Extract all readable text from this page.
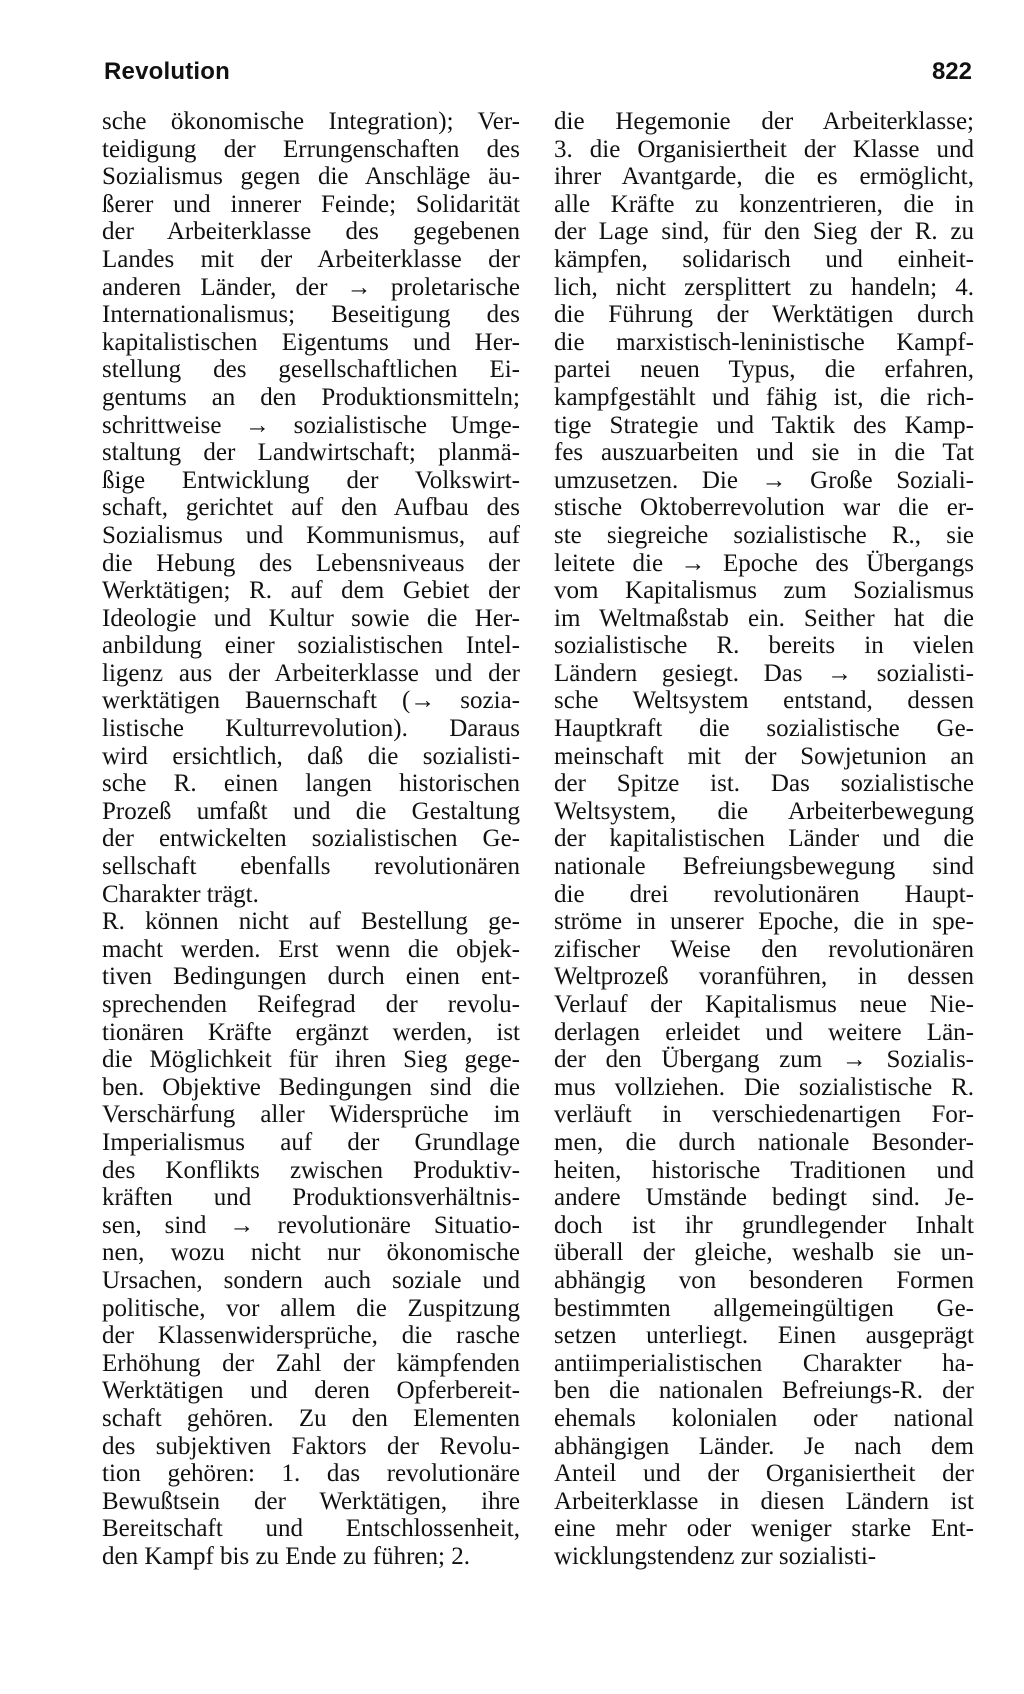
Revolution	822
sche ökonomische Integration); Ver-
teidigung der Errungenschaften des
Sozialismus gegen die Anschläge äu-
ßerer und innerer Feinde; Solidarität
der Arbeiterklasse des gegebenen
Landes mit der Arbeiterklasse der
anderen Länder, der → proletarische
Internationalismus; Beseitigung des
kapitalistischen Eigentums und Her-
stellung des gesellschaftlichen Ei-
gentums an den Produktionsmitteln;
schrittweise → sozialistische Umge-
staltung der Landwirtschaft; planmä-
ßige Entwicklung der Volkswirt-
schaft, gerichtet auf den Aufbau des
Sozialismus und Kommunismus, auf
die Hebung des Lebensniveaus der
Werktätigen; R. auf dem Gebiet der
Ideologie und Kultur sowie die Her-
anbildung einer sozialistischen Intel-
ligenz aus der Arbeiterklasse und der
werktätigen Bauernschaft (→ sozia-
listische Kulturrevolution). Daraus
wird ersichtlich, daß die sozialisti-
sche R. einen langen historischen
Prozeß umfaßt und die Gestaltung
der entwickelten sozialistischen Ge-
sellschaft ebenfalls revolutionären
Charakter trägt.
R. können nicht auf Bestellung ge-
macht werden. Erst wenn die objek-
tiven Bedingungen durch einen ent-
sprechenden Reifegrad der revolu-
tionären Kräfte ergänzt werden, ist
die Möglichkeit für ihren Sieg gege-
ben. Objektive Bedingungen sind die
Verschärfung aller Widersprüche im
Imperialismus auf der Grundlage
des Konflikts zwischen Produktiv-
kräften und Produktionsverhältnis-
sen, sind → revolutionäre Situatio-
nen, wozu nicht nur ökonomische
Ursachen, sondern auch soziale und
politische, vor allem die Zuspitzung
der Klassenwidersprüche, die rasche
Erhöhung der Zahl der kämpfenden
Werktätigen und deren Opferbereit-
schaft gehören. Zu den Elementen
des subjektiven Faktors der Revolu-
tion gehören: 1. das revolutionäre
Bewußtsein der Werktätigen, ihre
Bereitschaft und Entschlossenheit,
den Kampf bis zu Ende zu führen; 2.
die Hegemonie der Arbeiterklasse;
3. die Organisiertheit der Klasse und
ihrer Avantgarde, die es ermöglicht,
alle Kräfte zu konzentrieren, die in
der Lage sind, für den Sieg der R. zu
kämpfen, solidarisch und einheit-
lich, nicht zersplittert zu handeln; 4.
die Führung der Werktätigen durch
die marxistisch-leninistische Kampf-
partei neuen Typus, die erfahren,
kampfgestählt und fähig ist, die rich-
tige Strategie und Taktik des Kamp-
fes auszuarbeiten und sie in die Tat
umzusetzen. Die → Große Soziali-
stische Oktoberrevolution war die er-
ste siegreiche sozialistische R., sie
leitete die → Epoche des Übergangs
vom Kapitalismus zum Sozialismus
im Weltmaßstab ein. Seither hat die
sozialistische R. bereits in vielen
Ländern gesiegt. Das → sozialisti-
sche Weltsystem entstand, dessen
Hauptkraft die sozialistische Ge-
meinschaft mit der Sowjetunion an
der Spitze ist. Das sozialistische
Weltsystem, die Arbeiterbewegung
der kapitalistischen Länder und die
nationale Befreiungsbewegung sind
die drei revolutionären Haupt-
ströme in unserer Epoche, die in spe-
zifischer Weise den revolutionären
Weltprozeß voranführen, in dessen
Verlauf der Kapitalismus neue Nie-
derlagen erleidet und weitere Län-
der den Übergang zum → Sozialis-
mus vollziehen. Die sozialistische R.
verläuft in verschiedenartigen For-
men, die durch nationale Besonder-
heiten, historische Traditionen und
andere Umstände bedingt sind. Je-
doch ist ihr grundlegender Inhalt
überall der gleiche, weshalb sie un-
abhängig von besonderen Formen
bestimmten allgemeingültigen Ge-
setzen unterliegt. Einen ausgeprägt
antiimperialistischen Charakter ha-
ben die nationalen Befreiungs-R. der
ehemals kolonialen oder national
abhängigen Länder. Je nach dem
Anteil und der Organisiertheit der
Arbeiterklasse in diesen Ländern ist
eine mehr oder weniger starke Ent-
wicklungstendenz zur sozialisti-
